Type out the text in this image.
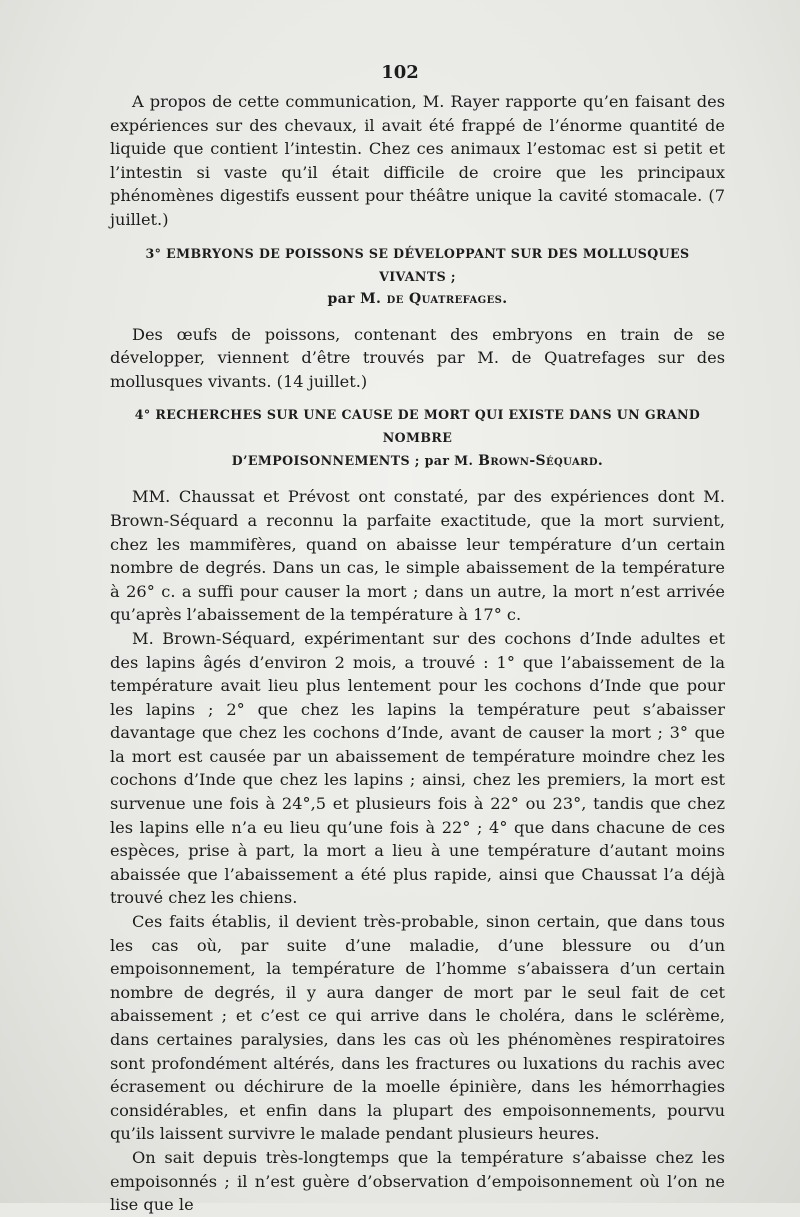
102

A propos de cette communication, M. Rayer rapporte qu’en faisant des expériences sur des chevaux, il avait été frappé de l’énorme quantité de liquide que contient l’intestin. Chez ces animaux l’estomac est si petit et l’intestin si vaste qu’il était difficile de croire que les principaux phénomènes digestifs eussent pour théâtre unique la cavité stomacale. (7 juillet.)

3° EMBRYONS DE POISSONS SE DÉVELOPPANT SUR DES MOLLUSQUES VIVANTS ;
par M. de Quatrefages.

Des œufs de poissons, contenant des embryons en train de se développer, viennent d’être trouvés par M. de Quatrefages sur des mollusques vivants. (14 juillet.)

4° RECHERCHES SUR UNE CAUSE DE MORT QUI EXISTE DANS UN GRAND NOMBRE
D’EMPOISONNEMENTS ; par M. Brown-Séquard.

MM. Chaussat et Prévost ont constaté, par des expériences dont M. Brown-Séquard a reconnu la parfaite exactitude, que la mort survient, chez les mammifères, quand on abaisse leur température d’un certain nombre de degrés. Dans un cas, le simple abaissement de la température à 26° c. a suffi pour causer la mort ; dans un autre, la mort n’est arrivée qu’après l’abaissement de la température à 17° c.

M. Brown-Séquard, expérimentant sur des cochons d’Inde adultes et des lapins âgés d’environ 2 mois, a trouvé : 1° que l’abaissement de la température avait lieu plus lentement pour les cochons d’Inde que pour les lapins ; 2° que chez les lapins la température peut s’abaisser davantage que chez les cochons d’Inde, avant de causer la mort ; 3° que la mort est causée par un abaissement de température moindre chez les cochons d’Inde que chez les lapins ; ainsi, chez les premiers, la mort est survenue une fois à 24°,5 et plusieurs fois à 22° ou 23°, tandis que chez les lapins elle n’a eu lieu qu’une fois à 22° ; 4° que dans chacune de ces espèces, prise à part, la mort a lieu à une température d’autant moins abaissée que l’abaissement a été plus rapide, ainsi que Chaussat l’a déjà trouvé chez les chiens.

Ces faits établis, il devient très-probable, sinon certain, que dans tous les cas où, par suite d’une maladie, d’une blessure ou d’un empoisonnement, la température de l’homme s’abaissera d’un certain nombre de degrés, il y aura danger de mort par le seul fait de cet abaissement ; et c’est ce qui arrive dans le choléra, dans le sclérème, dans certaines paralysies, dans les cas où les phénomènes respiratoires sont profondément altérés, dans les fractures ou luxations du rachis avec écrasement ou déchirure de la moelle épinière, dans les hémorrhagies considérables, et enfin dans la plupart des empoisonnements, pourvu qu’ils laissent survivre le malade pendant plusieurs heures.

On sait depuis très-longtemps que la température s’abaisse chez les empoisonnés ; il n’est guère d’observation d’empoisonnement où l’on ne lise que le
